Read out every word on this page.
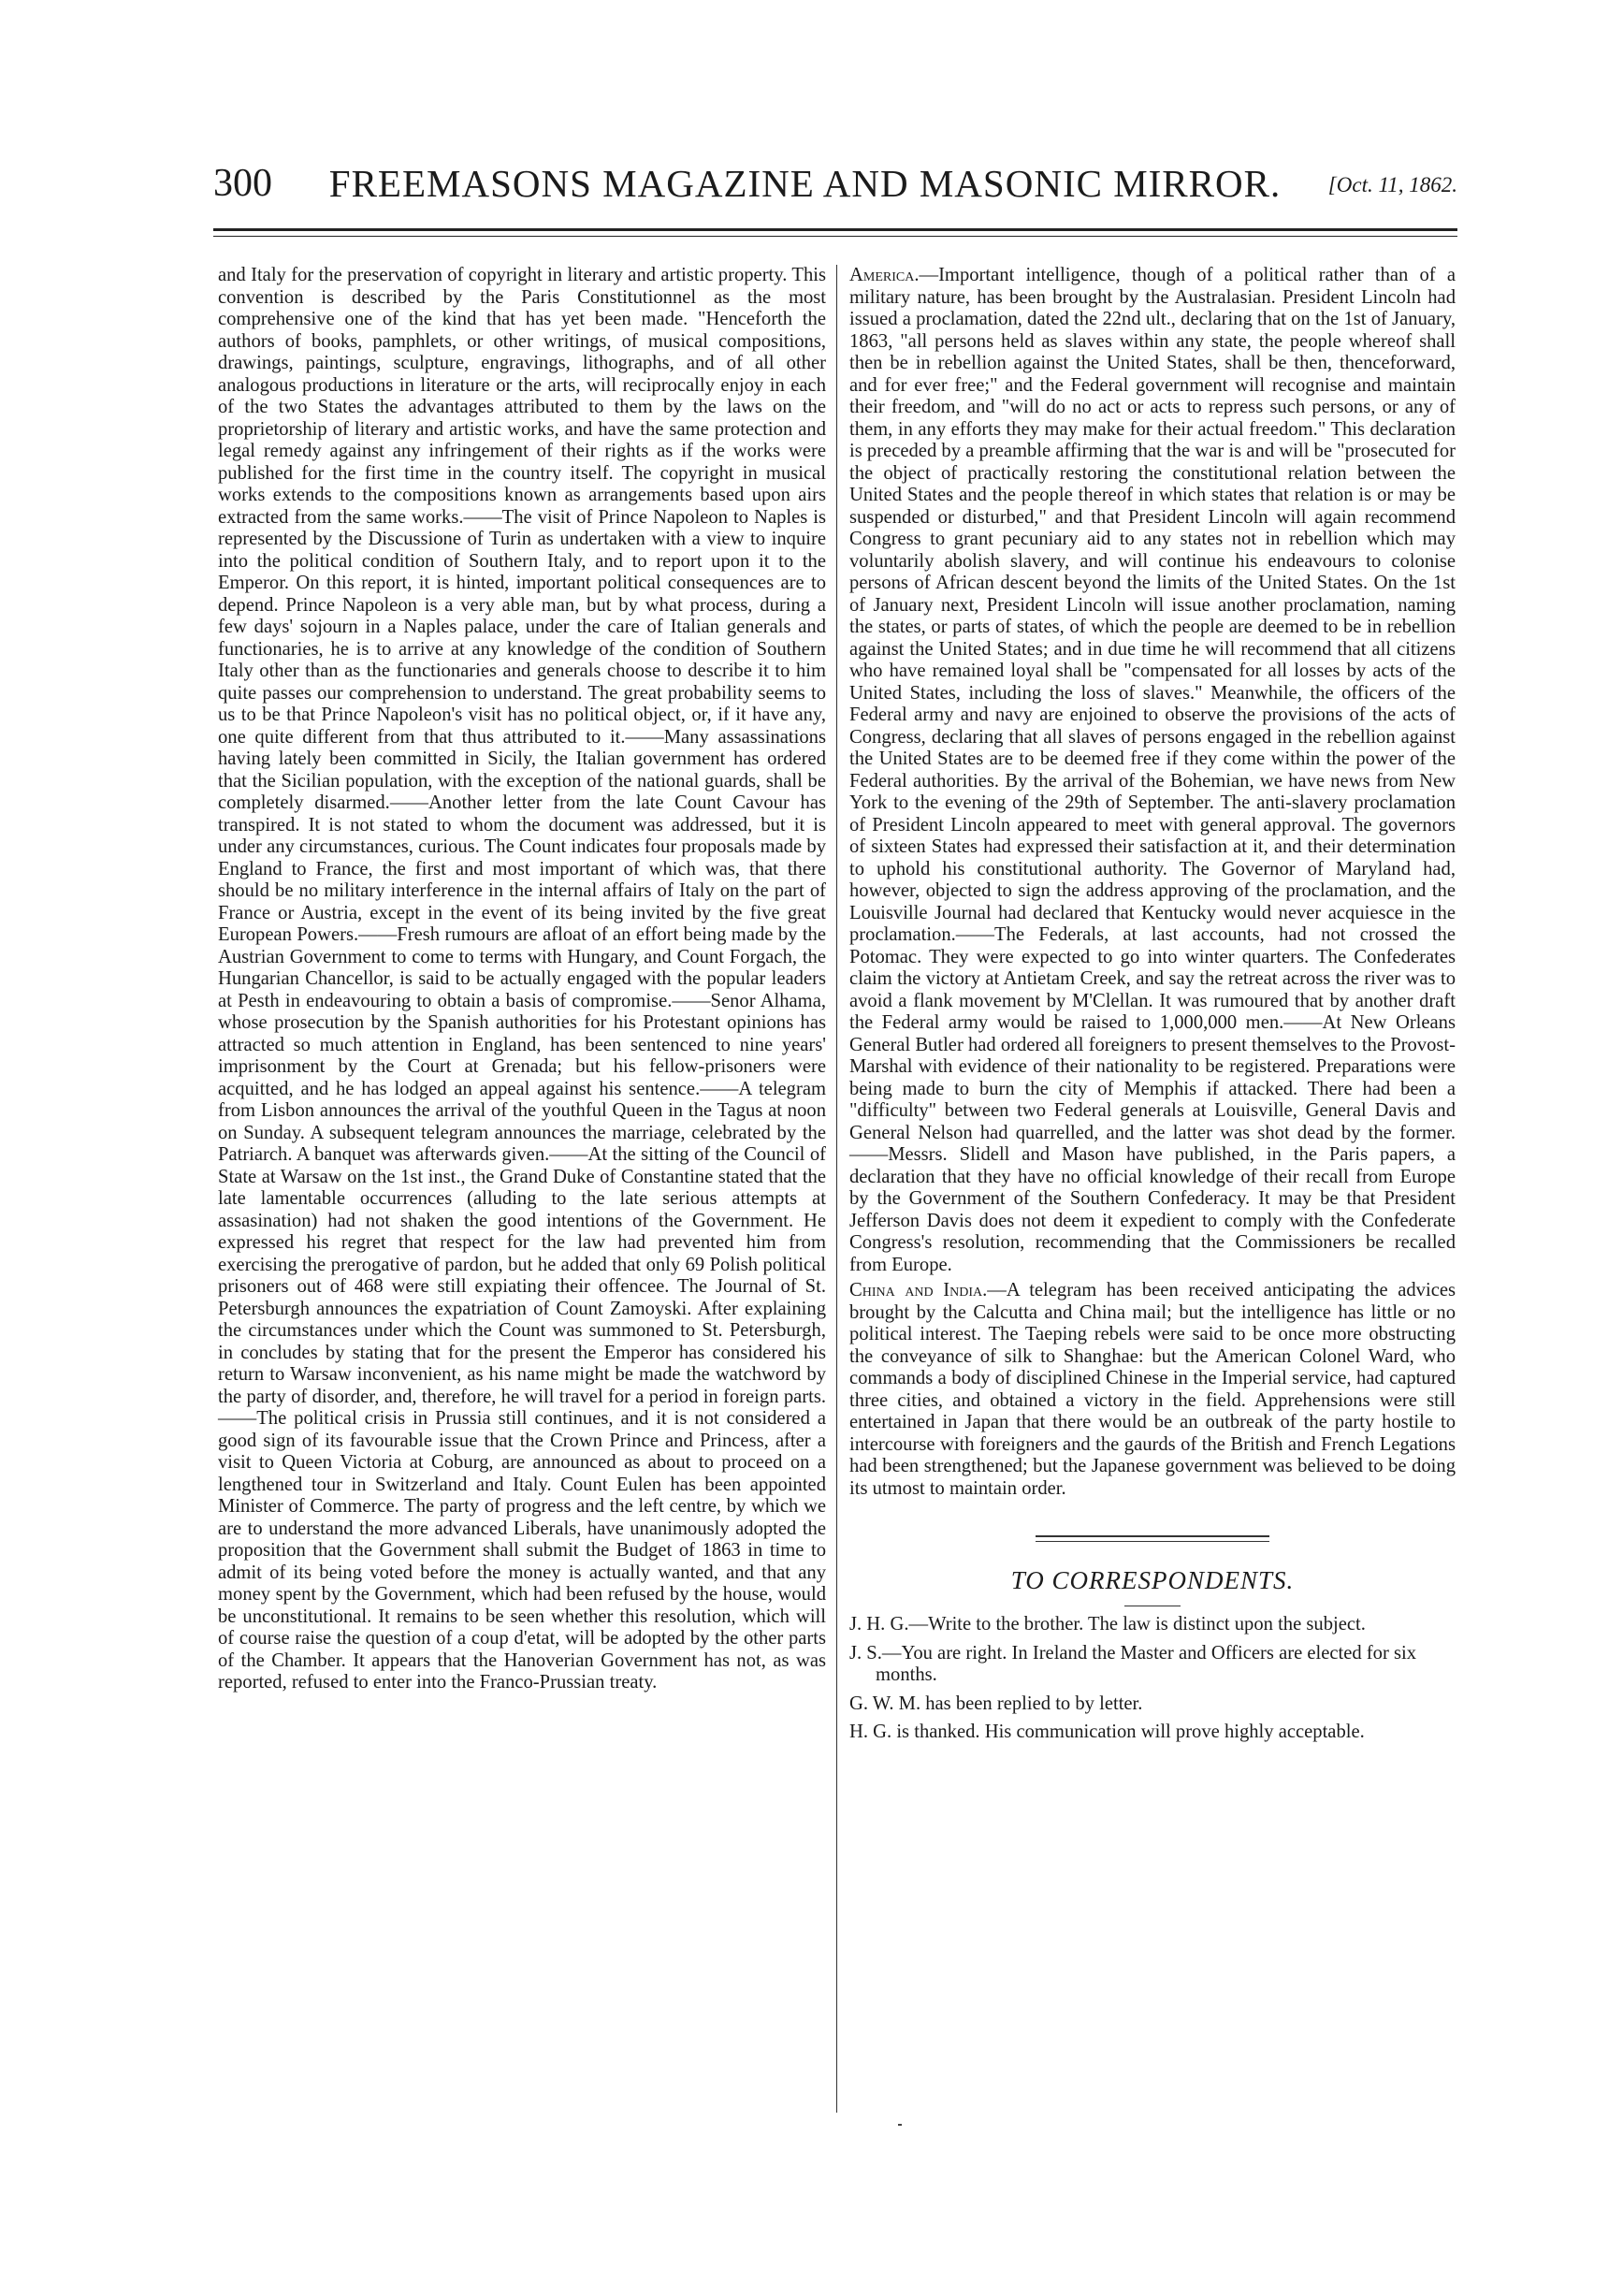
300	FREEMASONS MAGAZINE AND MASONIC MIRROR.	[Oct. 11, 1862.

and Italy for the preservation of copyright in literary and artistic property. This convention is described by the Paris Constitutionnel as the most comprehensive one of the kind that has yet been made. "Henceforth the authors of books, pamphlets, or other writings, of musical compositions, drawings, paintings, sculpture, engravings, lithographs, and of all other analogous productions in literature or the arts, will reciprocally enjoy in each of the two States the advantages attributed to them by the laws on the proprietorship of literary and artistic works, and have the same protection and legal remedy against any infringement of their rights as if the works were published for the first time in the country itself. The copyright in musical works extends to the compositions known as arrangements based upon airs extracted from the same works.——The visit of Prince Napoleon to Naples is represented by the Discussione of Turin as undertaken with a view to inquire into the political condition of Southern Italy, and to report upon it to the Emperor. On this report, it is hinted, important political consequences are to depend. Prince Napoleon is a very able man, but by what process, during a few days' sojourn in a Naples palace, under the care of Italian generals and functionaries, he is to arrive at any knowledge of the condition of Southern Italy other than as the functionaries and generals choose to describe it to him quite passes our comprehension to understand. The great probability seems to us to be that Prince Napoleon's visit has no political object, or, if it have any, one quite different from that thus attributed to it.——Many assassinations having lately been committed in Sicily, the Italian government has ordered that the Sicilian population, with the exception of the national guards, shall be completely disarmed.——Another letter from the late Count Cavour has transpired. It is not stated to whom the document was addressed, but it is under any circumstances, curious. The Count indicates four proposals made by England to France, the first and most important of which was, that there should be no military interference in the internal affairs of Italy on the part of France or Austria, except in the event of its being invited by the five great European Powers.——Fresh rumours are afloat of an effort being made by the Austrian Government to come to terms with Hungary, and Count Forgach, the Hungarian Chancellor, is said to be actually engaged with the popular leaders at Pesth in endeavouring to obtain a basis of compromise.——Senor Alhama, whose prosecution by the Spanish authorities for his Protestant opinions has attracted so much attention in England, has been sentenced to nine years' imprisonment by the Court at Grenada; but his fellow-prisoners were acquitted, and he has lodged an appeal against his sentence.——A telegram from Lisbon announces the arrival of the youthful Queen in the Tagus at noon on Sunday. A subsequent telegram announces the marriage, celebrated by the Patriarch. A banquet was afterwards given.——At the sitting of the Council of State at Warsaw on the 1st inst., the Grand Duke of Constantine stated that the late lamentable occurrences (alluding to the late serious attempts at assasination) had not shaken the good intentions of the Government. He expressed his regret that respect for the law had prevented him from exercising the prerogative of pardon, but he added that only 69 Polish political prisoners out of 468 were still expiating their offencee. The Journal of St. Petersburgh announces the expatriation of Count Zamoyski. After explaining the circumstances under which the Count was summoned to St. Petersburgh, in concludes by stating that for the present the Emperor has considered his return to Warsaw inconvenient, as his name might be made the watchword by the party of disorder, and, therefore, he will travel for a period in foreign parts.——The political crisis in Prussia still continues, and it is not considered a good sign of its favourable issue that the Crown Prince and Princess, after a visit to Queen Victoria at Coburg, are announced as about to proceed on a lengthened tour in Switzerland and Italy. Count Eulen has been appointed Minister of Commerce. The party of progress and the left centre, by which we are to understand the more advanced Liberals, have unanimously adopted the proposition that the Government shall submit the Budget of 1863 in time to admit of its being voted before the money is actually wanted, and that any money spent by the Government, which had been refused by the house, would be unconstitutional. It remains to be seen whether this resolution, which will of course raise the question of a coup d'etat, will be adopted by the other parts of the Chamber. It appears that the Hanoverian Government has not, as was reported, refused to enter into the Franco-Prussian treaty.

America.—Important intelligence, though of a political rather than of a military nature, has been brought by the Australasian. President Lincoln had issued a proclamation, dated the 22nd ult., declaring that on the 1st of January, 1863, "all persons held as slaves within any state, the people whereof shall then be in rebellion against the United States, shall be then, thenceforward, and for ever free;" and the Federal government will recognise and maintain their freedom, and "will do no act or acts to repress such persons, or any of them, in any efforts they may make for their actual freedom." This declaration is preceded by a preamble affirming that the war is and will be "prosecuted for the object of practically restoring the constitutional relation between the United States and the people thereof in which states that relation is or may be suspended or disturbed," and that President Lincoln will again recommend Congress to grant pecuniary aid to any states not in rebellion which may voluntarily abolish slavery, and will continue his endeavours to colonise persons of African descent beyond the limits of the United States. On the 1st of January next, President Lincoln will issue another proclamation, naming the states, or parts of states, of which the people are deemed to be in rebellion against the United States; and in due time he will recommend that all citizens who have remained loyal shall be "compensated for all losses by acts of the United States, including the loss of slaves." Meanwhile, the officers of the Federal army and navy are enjoined to observe the provisions of the acts of Congress, declaring that all slaves of persons engaged in the rebellion against the United States are to be deemed free if they come within the power of the Federal authorities. By the arrival of the Bohemian, we have news from New York to the evening of the 29th of September. The anti-slavery proclamation of President Lincoln appeared to meet with general approval. The governors of sixteen States had expressed their satisfaction at it, and their determination to uphold his constitutional authority. The Governor of Maryland had, however, objected to sign the address approving of the proclamation, and the Louisville Journal had declared that Kentucky would never acquiesce in the proclamation.——The Federals, at last accounts, had not crossed the Potomac. They were expected to go into winter quarters. The Confederates claim the victory at Antietam Creek, and say the retreat across the river was to avoid a flank movement by M'Clellan. It was rumoured that by another draft the Federal army would be raised to 1,000,000 men.——At New Orleans General Butler had ordered all foreigners to present themselves to the Provost-Marshal with evidence of their nationality to be registered. Preparations were being made to burn the city of Memphis if attacked. There had been a "difficulty" between two Federal generals at Louisville, General Davis and General Nelson had quarrelled, and the latter was shot dead by the former.——Messrs. Slidell and Mason have published, in the Paris papers, a declaration that they have no official knowledge of their recall from Europe by the Government of the Southern Confederacy. It may be that President Jefferson Davis does not deem it expedient to comply with the Confederate Congress's resolution, recommending that the Commissioners be recalled from Europe.

China and India.—A telegram has been received anticipating the advices brought by the Calcutta and China mail; but the intelligence has little or no political interest. The Taeping rebels were said to be once more obstructing the conveyance of silk to Shanghae: but the American Colonel Ward, who commands a body of disciplined Chinese in the Imperial service, had captured three cities, and obtained a victory in the field. Apprehensions were still entertained in Japan that there would be an outbreak of the party hostile to intercourse with foreigners and the gaurds of the British and French Legations had been strengthened; but the Japanese government was believed to be doing its utmost to maintain order.

TO CORRESPONDENTS.

J. H. G.—Write to the brother. The law is distinct upon the subject.

J. S.—You are right. In Ireland the Master and Officers are elected for six months.

G. W. M. has been replied to by letter.

H. G. is thanked. His communication will prove highly acceptable.
